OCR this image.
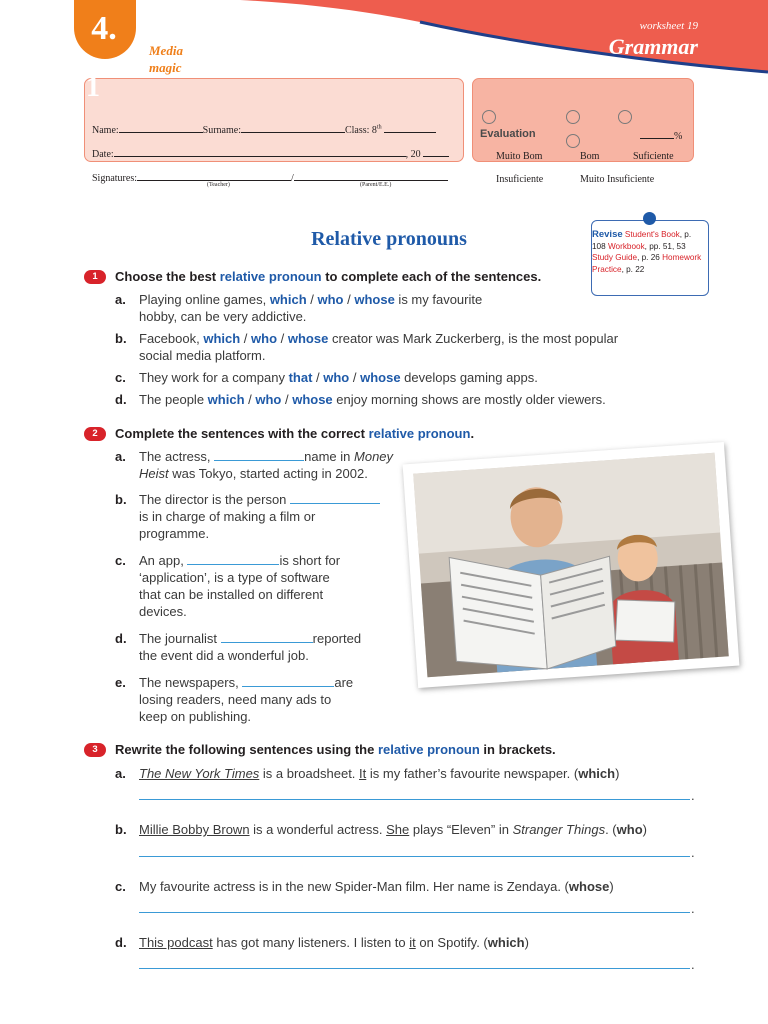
4.
Media
magic
worksheet 19
Grammar
1
Name:	Surname:	Class: 8th
Date:	, 20
Signatures:	/
(Teacher)	(Parent/E.E.)
Evaluation	%
Muito Bom	Bom	Suficiente
Insuficiente	Muito Insuficiente
Revise Student's Book, p. 108 Workbook, pp. 51, 53 Study Guide, p. 26 Homework Practice, p. 22
Relative pronouns
1	Choose the best relative pronoun to complete each of the sentences.
a. Playing online games, which / who / whose is my favourite
hobby, can be very addictive.
b. Facebook, which / who / whose creator was Mark Zuckerberg, is the most popular
social media platform.
c. They work for a company that / who / whose develops gaming apps.
d. The people which / who / whose enjoy morning shows are mostly older viewers.
2	Complete the sentences with the correct relative pronoun.
a. The actress,	name in Money
Heist was Tokyo, started acting in 2002.
b. The director is the person
is in charge of making a film or
programme.
c. An app,	is short for
‘application’, is a type of software
that can be installed on different
devices.
d. The journalist	reported
the event did a wonderful job.
e. The newspapers,	are
losing readers, need many ads to
keep on publishing.
3	Rewrite the following sentences using the relative pronoun in brackets.
a. The New York Times is a broadsheet. It is my father’s favourite newspaper. (which)
.
b. Millie Bobby Brown is a wonderful actress. She plays “Eleven” in Stranger Things. (who)
.
c. My favourite actress is in the new Spider-Man film. Her name is Zendaya. (whose)
.
d. This podcast has got many listeners. I listen to it on Spotify. (which)
.
